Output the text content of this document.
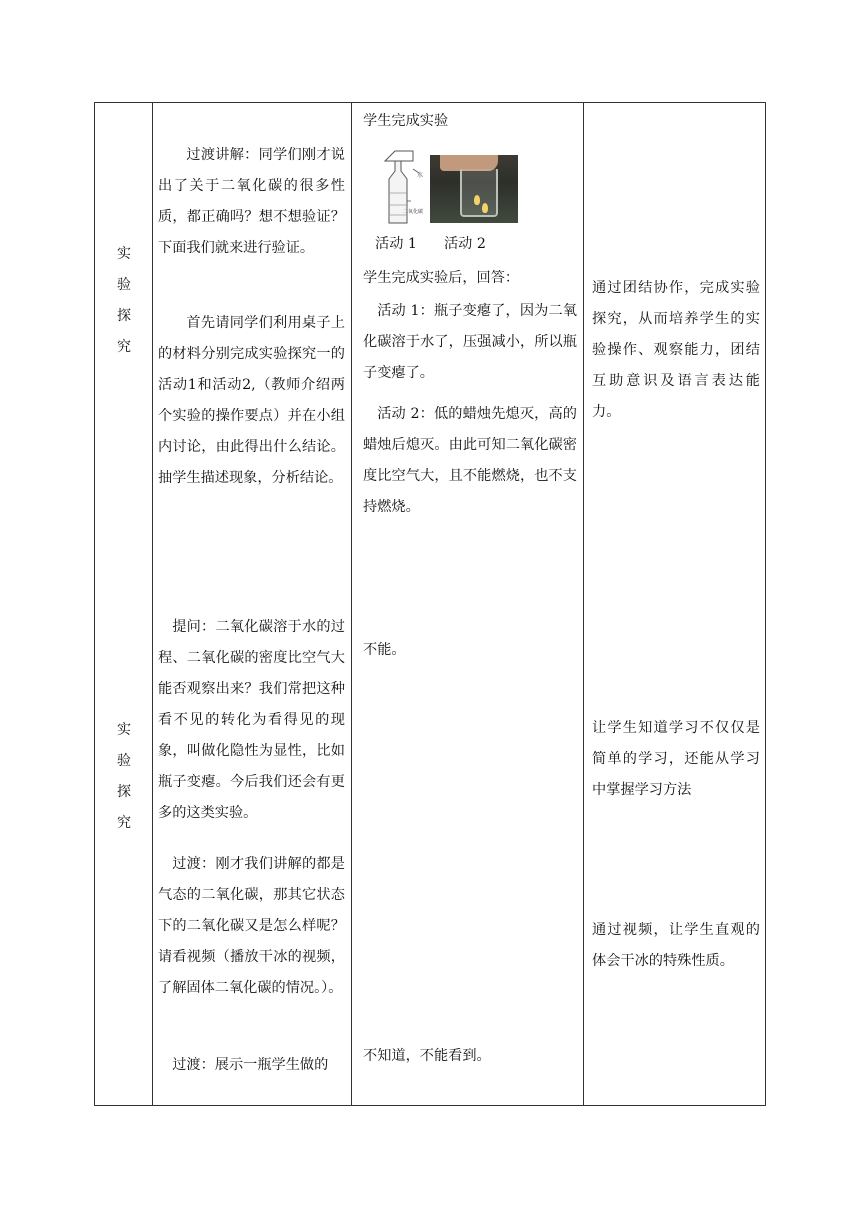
实
验
探
究
过渡讲解：同学们刚才说出了关于二氧化碳的很多性质，都正确吗？想不想验证？下面我们就来进行验证。
首先请同学们利用桌子上的材料分别完成实验探究一的活动1和活动2,（教师介绍两个实验的操作要点）并在小组内讨论，由此得出什么结论。抽学生描述现象，分析结论。
学生完成实验
水
二氧化碳
活动 1 活动 2
学生完成实验后，回答：
活动 1：瓶子变瘪了，因为二氧化碳溶于水了，压强减小，所以瓶子变瘪了。
活动 2：低的蜡烛先熄灭，高的蜡烛后熄灭。由此可知二氧化碳密度比空气大，且不能燃烧，也不支持燃烧。
通过团结协作，完成实验探究，从而培养学生的实验操作、观察能力，团结互助意识及语言表达能力。
实
验
探
究
提问：二氧化碳溶于水的过程、二氧化碳的密度比空气大能否观察出来？我们常把这种看不见的转化为看得见的现象，叫做化隐性为显性，比如瓶子变瘪。今后我们还会有更多的这类实验。
过渡：刚才我们讲解的都是气态的二氧化碳，那其它状态下的二氧化碳又是怎么样呢？请看视频（播放干冰的视频，了解固体二氧化碳的情况。）。
过渡：展示一瓶学生做的
不能。
不知道，不能看到。
让学生知道学习不仅仅是简单的学习，还能从学习中掌握学习方法
通过视频，让学生直观的体会干冰的特殊性质。
